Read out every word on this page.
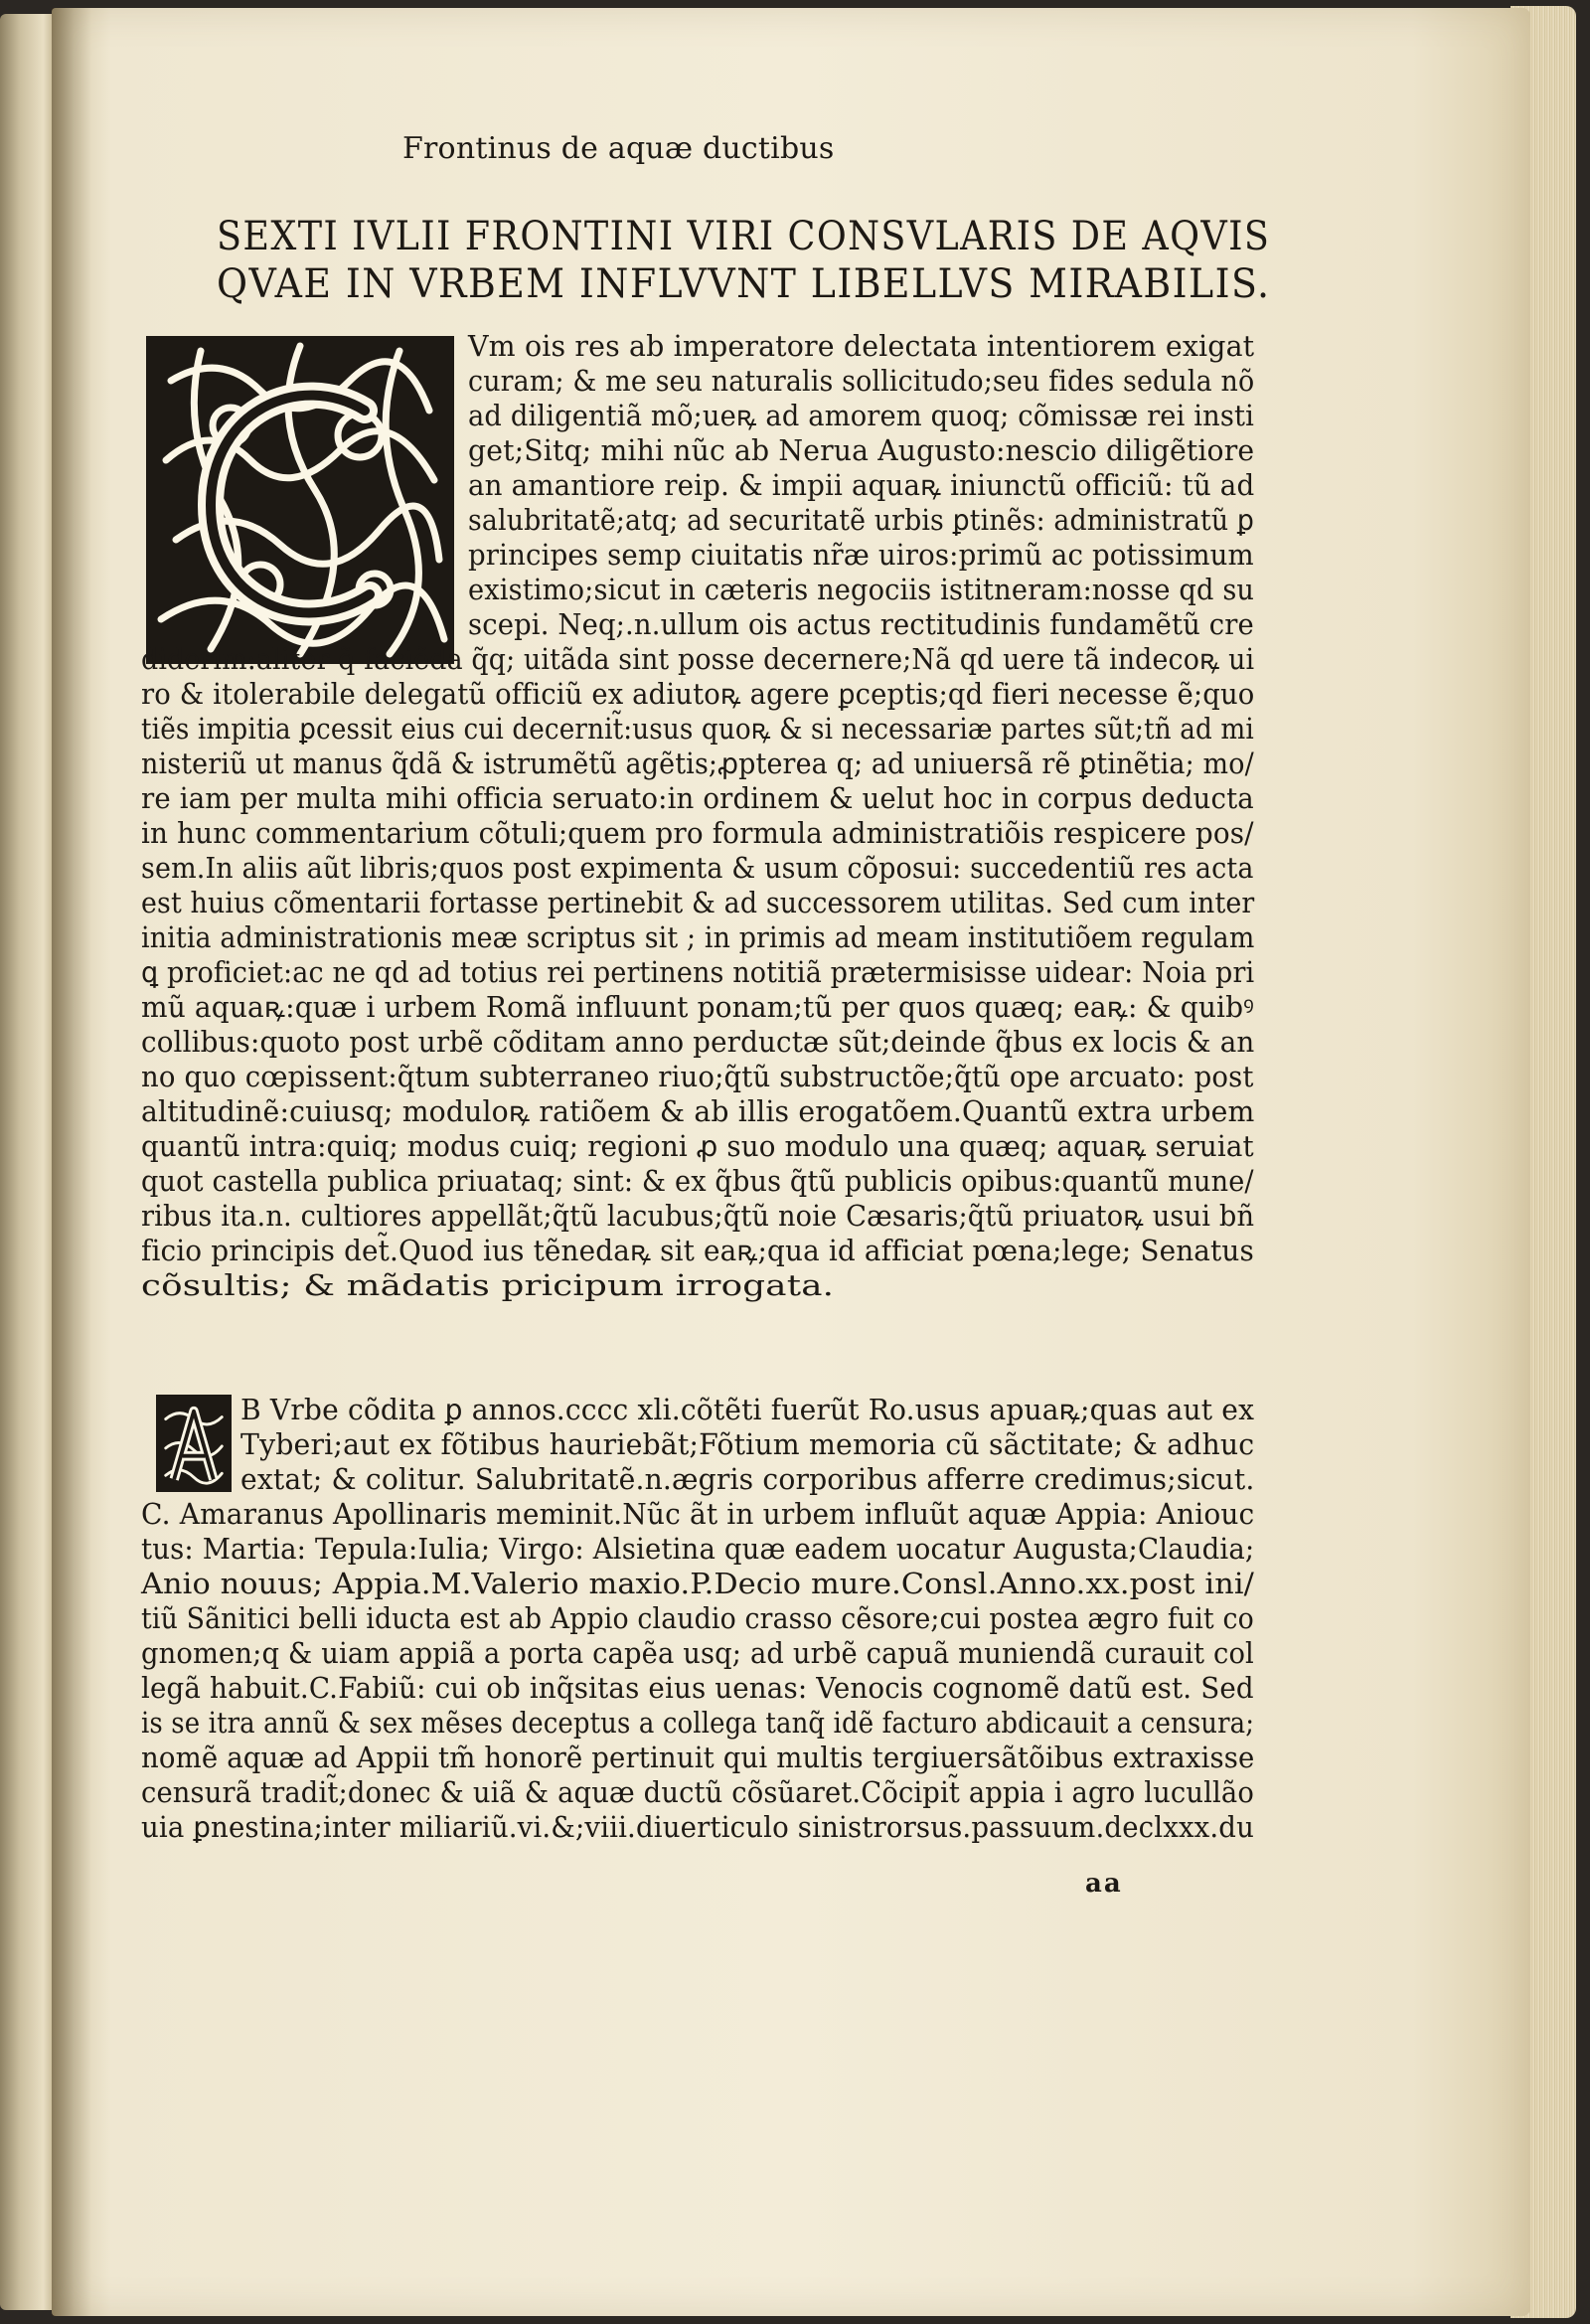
Frontinus de aquæ ductibus
SEXTI IVLII FRONTINI VIRI CONSVLARIS DE AQVIS
QVAE IN VRBEM INFLVVNT LIBELLVS MIRABILIS.
Vm ois res ab imperatore delectata intentiorem exigat
curam; & me seu naturalis sollicitudo;seu fides sedula nõ
ad diligentiã mõ;ueꝶ ad amorem quoq; cõmissæ rei insti
get;Sitq; mihi nũc ab Nerua Augusto:nescio diligẽtiore
an amantiore reip. & impii aquaꝶ iniunctũ officiũ: tũ ad
salubritatẽ;atq; ad securitatẽ urbis ꝑtinẽs: administratũ ꝑ
principes semp ciuitatis nr̃æ uiros:primũ ac potissimum
existimo;sicut in cæteris negociis istitneram:nosse qd su
scepi. Neq;.n.ullum ois actus rectitudinis fundamẽtũ cre
diderim:aliter q̃ faciẽda q̃q; uitãda sint posse decernere;Nã qd uere tã indecoꝶ ui
ro & itolerabile delegatũ officiũ ex adiutoꝶ agere ꝑceptis;qd fieri necesse ẽ;quo
tiẽs impitia ꝑcessit eius cui decernit̃:usus quoꝶ & si necessariæ partes sũt;tñ ad mi
nisteriũ ut manus q̃dã & istrumẽtũ agẽtis;ꝓpterea q; ad uniuersã rẽ ꝑtinẽtia; mo/
re iam per multa mihi officia seruato:in ordinem & uelut hoc in corpus deducta
in hunc commentarium cõtuli;quem pro formula administratiõis respicere pos/
sem.In aliis aũt libris;quos post expimenta & usum cõposui: succedentiũ res acta
est huius cõmentarii fortasse pertinebit & ad successorem utilitas. Sed cum inter
initia administrationis meæ scriptus sit ; in primis ad meam institutiõem regulam
ꝗ proficiet:ac ne qd ad totius rei pertinens notitiã prætermisisse uidear: Noia pri
mũ aquaꝶ:quæ i urbem Romã influunt ponam;tũ per quos quæq; eaꝶ: & quibꝰ
collibus:quoto post urbẽ cõditam anno perductæ sũt;deinde q̃bus ex locis & an
no quo cœpissent:q̃tum subterraneo riuo;q̃tũ substructõe;q̃tũ ope arcuato: post
altitudinẽ:cuiusq; moduloꝶ ratiõem & ab illis erogatõem.Quantũ extra urbem
quantũ intra:quiq; modus cuiq; regioni ꝓ suo modulo una quæq; aquaꝶ seruiat
quot castella publica priuataq; sint: & ex q̃bus q̃tũ publicis opibus:quantũ mune/
ribus ita.n. cultiores appellãt;q̃tũ lacubus;q̃tũ noie Cæsaris;q̃tũ priuatoꝶ usui bñ
ficio principis det̃.Quod ius tẽnedaꝶ sit eaꝶ;qua id afficiat pœna;lege; Senatus
cõsultis; & mãdatis pricipum irrogata.
B Vrbe cõdita ꝑ annos.cccc xli.cõtẽti fuerũt Ro.usus apuaꝶ;quas aut ex
Tyberi;aut ex fõtibus hauriebãt;Fõtium memoria cũ sãctitate; & adhuc
extat; & colitur. Salubritatẽ.n.ægris corporibus afferre credimus;sicut.
C. Amaranus Apollinaris meminit.Nũc ãt in urbem influũt aquæ Appia: Aniouc
tus: Martia: Tepula:Iulia; Virgo: Alsietina quæ eadem uocatur Augusta;Claudia;
Anio nouus; Appia.M.Valerio maxio.P.Decio mure.Consl.Anno.xx.post ini/
tiũ Sãnitici belli iducta est ab Appio claudio crasso cẽsore;cui postea ægro fuit co
gnomen;q & uiam appiã a porta capẽa usq; ad urbẽ capuã muniendã curauit col
legã habuit.C.Fabiũ: cui ob inq̃sitas eius uenas: Venocis cognomẽ datũ est. Sed
is se itra annũ & sex mẽses deceptus a collega tanq̃ idẽ facturo abdicauit a censura;
nomẽ aquæ ad Appii tm̃ honorẽ pertinuit qui multis tergiuersãtõibus extraxisse
censurã tradit̃;donec & uiã & aquæ ductũ cõsũaret.Cõcipit̃ appia i agro lucullão
uia ꝑnestina;inter miliariũ.vi.&;viii.diuerticulo sinistrorsus.passuum.declxxx.du
aa
